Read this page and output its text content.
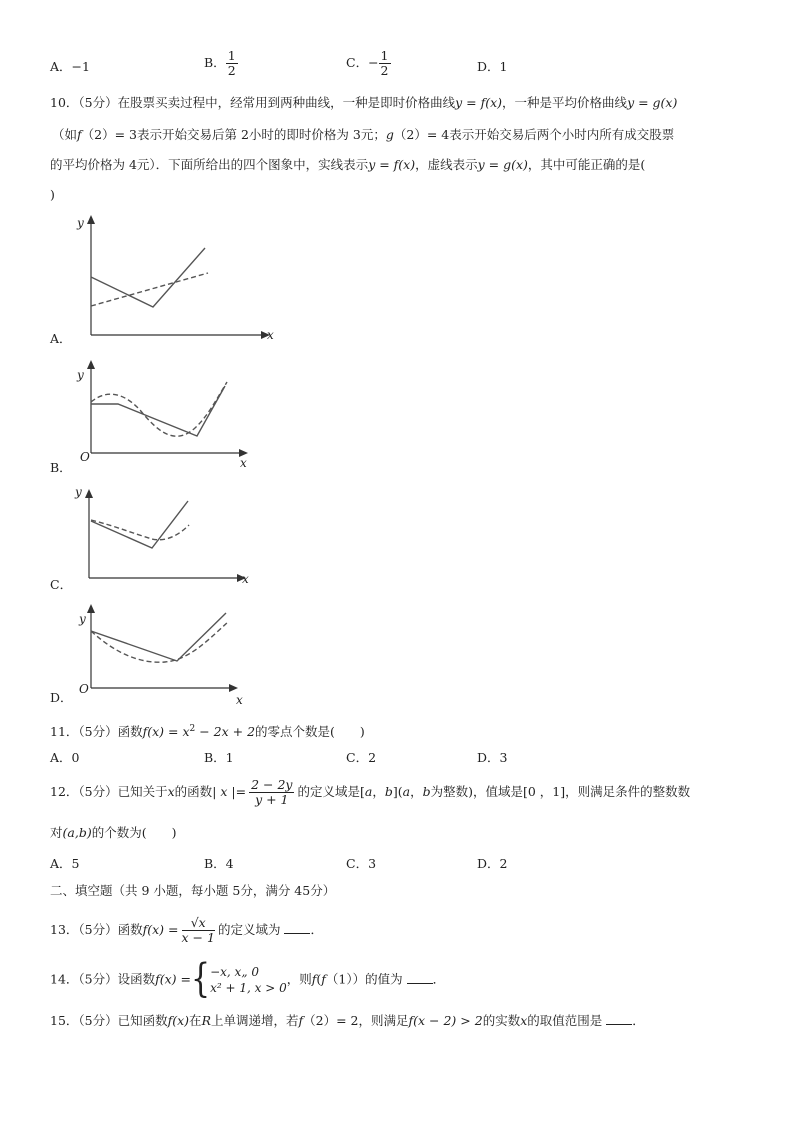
A．−1	B． $\frac{1}{2}$	C．− $\frac{1}{2}$	D．1
10．（5分）在股票买卖过程中，经常用到两种曲线，一种是即时价格曲线y = f(x)，一种是平均价格曲线y = g(x)
（如f（2）= 3表示开始交易后第 2小时的即时价格为 3元；g（2）= 4表示开始交易后两个小时内所有成交股票
的平均价格为 4元）．下面所给出的四个图象中，实线表示y = f(x)，虚线表示y = g(x)，其中可能正确的是(
)
A．
y
x
B．
y
x
O
C．
y
x
D．
y
x
O
11．（5分）函数$f(x) = x^2 - 2x + 2$的零点个数是(　　)
A．0	B．1	C．2	D．3
12．（5分）已知关于x的函数| x |= $\frac{2 - 2y}{y + 1}$ 的定义域是[a，b](a，b为整数)，值域是[0 ，1]，则满足条件的整数数
对(a,b)的个数为(　　)
A．5	B．4	C．3	D．2
二、填空题（共 9 小题，每小题 5分，满分 45分）
13．（5分）函数$f(x) = \frac{√x}{x - 1}$ 的定义域为 ．
14．（5分）设函数f(x) ={ −x, x„ 0
x² + 1, x > 0
，则f(f（1））的值为 ．
15．（5分）已知函数f(x)在R上单调递增，若f（2）= 2，则满足f(x − 2) > 2的实数x的取值范围是 ．
